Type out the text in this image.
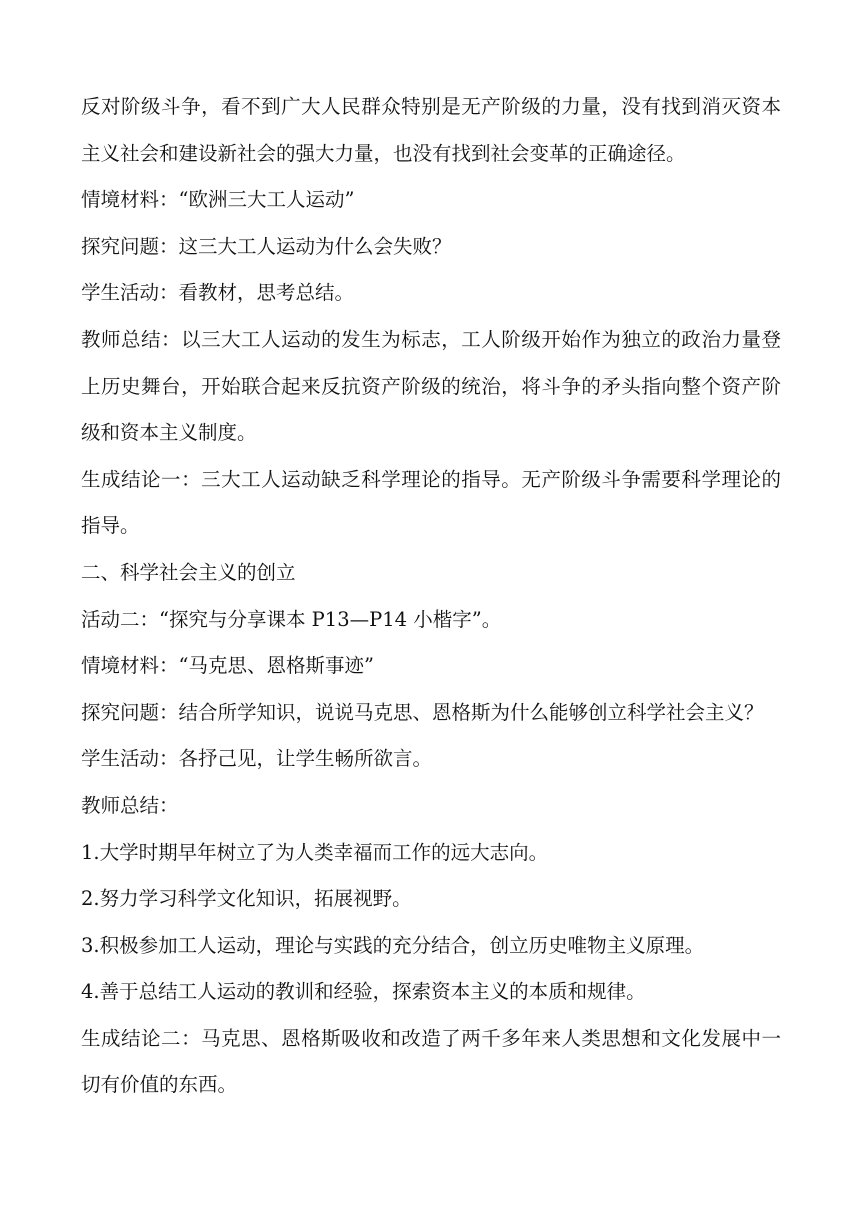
反对阶级斗争，看不到广大人民群众特别是无产阶级的力量，没有找到消灭资本主义社会和建设新社会的强大力量，也没有找到社会变革的正确途径。

情境材料：“欧洲三大工人运动”

探究问题：这三大工人运动为什么会失败？

学生活动：看教材，思考总结。

教师总结：以三大工人运动的发生为标志，工人阶级开始作为独立的政治力量登上历史舞台，开始联合起来反抗资产阶级的统治，将斗争的矛头指向整个资产阶级和资本主义制度。

生成结论一：三大工人运动缺乏科学理论的指导。无产阶级斗争需要科学理论的指导。

二、科学社会主义的创立

活动二：“探究与分享课本 P13—P14 小楷字”。

情境材料：“马克思、恩格斯事迹”

探究问题：结合所学知识，说说马克思、恩格斯为什么能够创立科学社会主义？

学生活动：各抒己见，让学生畅所欲言。

教师总结：

1.大学时期早年树立了为人类幸福而工作的远大志向。

2.努力学习科学文化知识，拓展视野。

3.积极参加工人运动，理论与实践的充分结合，创立历史唯物主义原理。

4.善于总结工人运动的教训和经验，探索资本主义的本质和规律。

生成结论二：马克思、恩格斯吸收和改造了两千多年来人类思想和文化发展中一切有价值的东西。
